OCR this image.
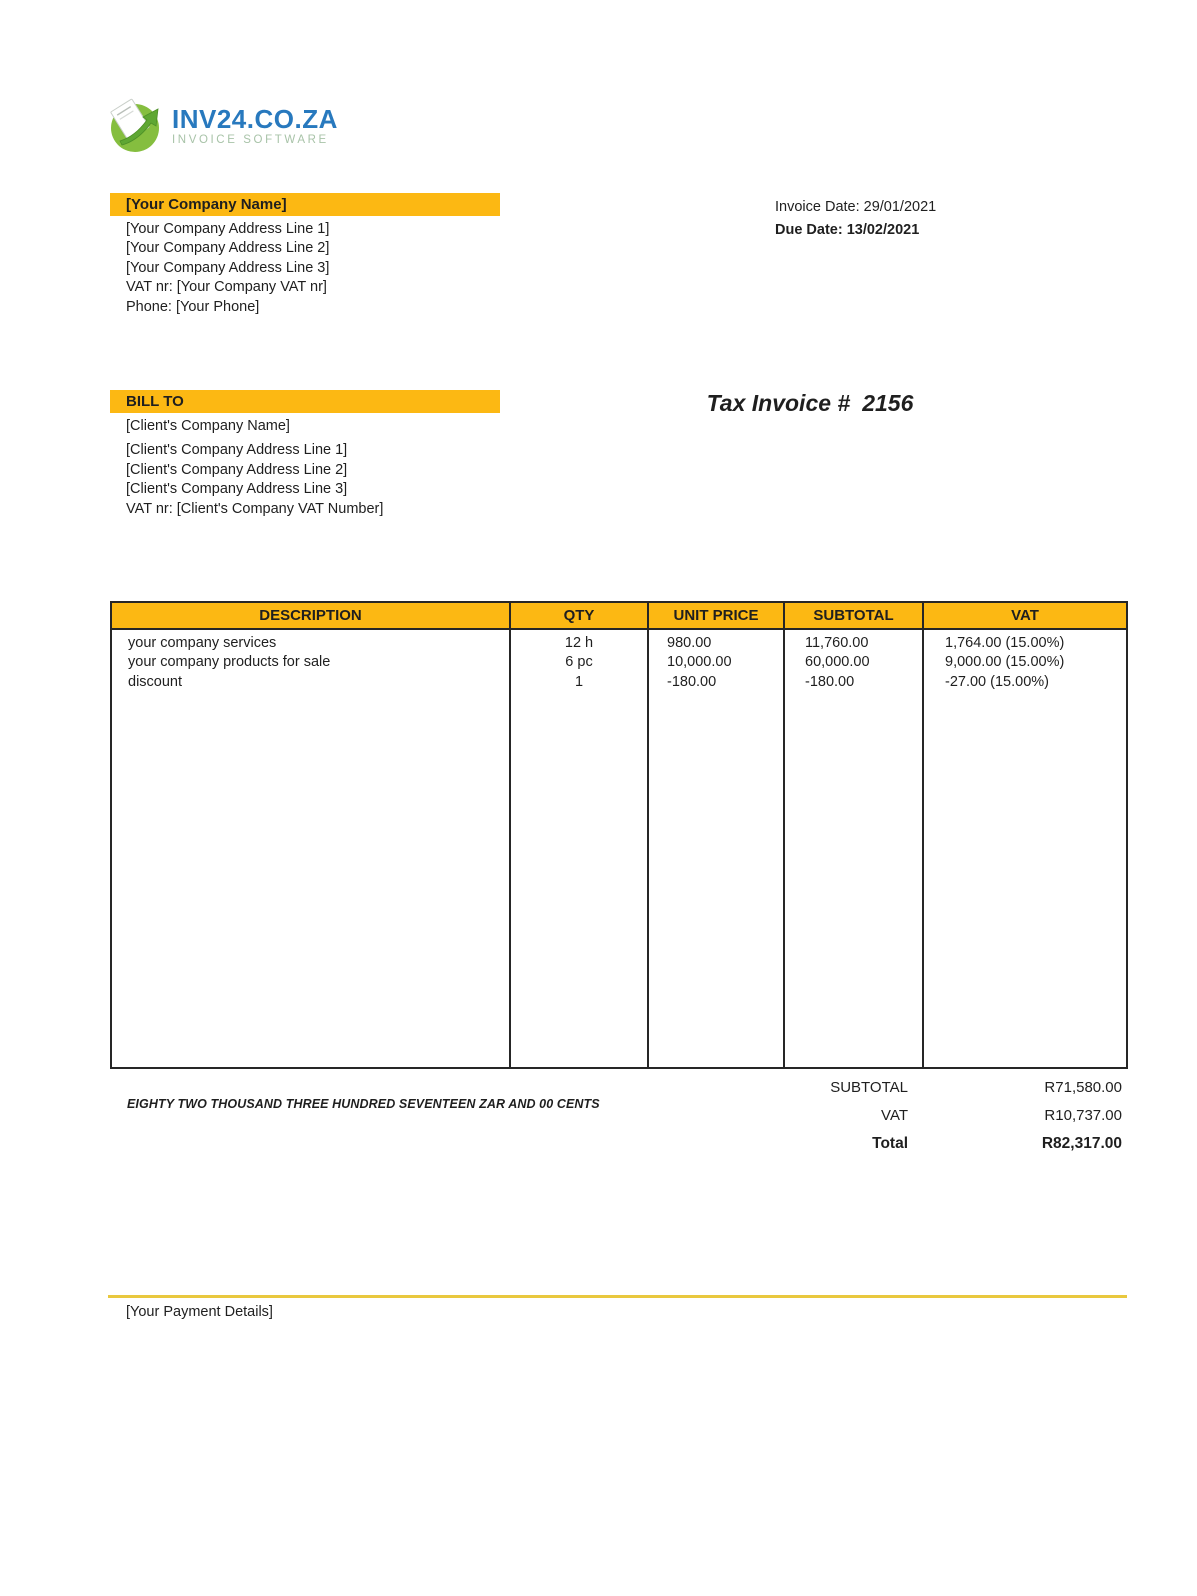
INV24.CO.ZA
INVOICE SOFTWARE
[Your Company Name]
[Your Company Address Line 1]
[Your Company Address Line 2]
[Your Company Address Line 3]
VAT nr: [Your Company VAT nr]
Phone: [Your Phone]
Invoice Date: 29/01/2021
Due Date: 13/02/2021
BILL TO
[Client's Company Name]
[Client's Company Address Line 1]
[Client's Company Address Line 2]
[Client's Company Address Line 3]
VAT nr: [Client's Company VAT Number]
Tax Invoice # 2156
DESCRIPTION	QTY	UNIT PRICE	SUBTOTAL	VAT
your company services	12 h	980.00	11,760.00	1,764.00 (15.00%)
your company products for sale	6 pc	10,000.00	60,000.00	9,000.00 (15.00%)
discount	1	-180.00	-180.00	-27.00 (15.00%)

EIGHTY TWO THOUSAND THREE HUNDRED SEVENTEEN ZAR AND 00 CENTS
SUBTOTAL	R71,580.00
VAT	R10,737.00
Total	R82,317.00
[Your Payment Details]
